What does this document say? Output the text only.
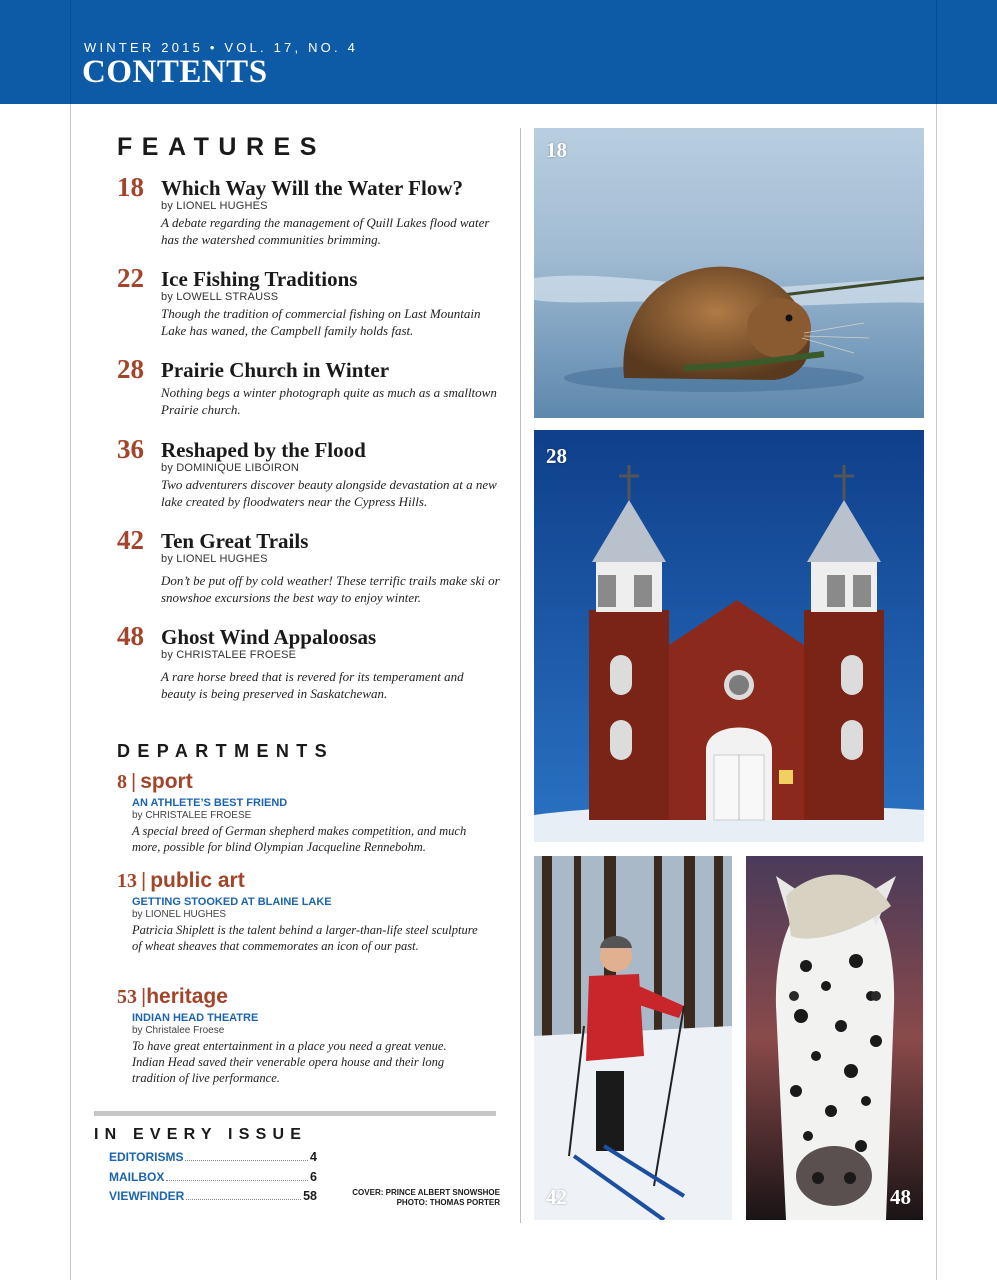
WINTER 2015 • VOL. 17, NO. 4
CONTENTS
FEATURES
18 Which Way Will the Water Flow?
by LIONEL HUGHES
A debate regarding the management of Quill Lakes flood water has the watershed communities brimming.
22 Ice Fishing Traditions
by LOWELL STRAUSS
Though the tradition of commercial fishing on Last Mountain Lake has waned, the Campbell family holds fast.
28 Prairie Church in Winter
Nothing begs a winter photograph quite as much as a smalltown Prairie church.
36 Reshaped by the Flood
by DOMINIQUE LIBOIRON
Two adventurers discover beauty alongside devastation at a new lake created by floodwaters near the Cypress Hills.
42 Ten Great Trails
by LIONEL HUGHES
Don’t be put off by cold weather! These terrific trails make ski or snowshoe excursions the best way to enjoy winter.
48 Ghost Wind Appaloosas
by CHRISTALEE FROESE
A rare horse breed that is revered for its temperament and beauty is being preserved in Saskatchewan.
DEPARTMENTS
8 | sport
AN ATHLETE’S BEST FRIEND
by CHRISTALEE FROESE
A special breed of German shepherd makes competition, and much more, possible for blind Olympian Jacqueline Rennebohm.
13 | public art
GETTING STOOKED AT BLAINE LAKE
by LIONEL HUGHES
Patricia Shiplett is the talent behind a larger-than-life steel sculpture of wheat sheaves that commemorates an icon of our past.
53 |heritage
INDIAN HEAD THEATRE
by Christalee Froese
To have great entertainment in a place you need a great venue. Indian Head saved their venerable opera house and their long tradition of live performance.
IN EVERY ISSUE
EDITORISMS	4
MAILBOX	6
VIEWFINDER	58	COVER: PRINCE ALBERT SNOWSHOE
PHOTO: THOMAS PORTER
18
28
42	48
